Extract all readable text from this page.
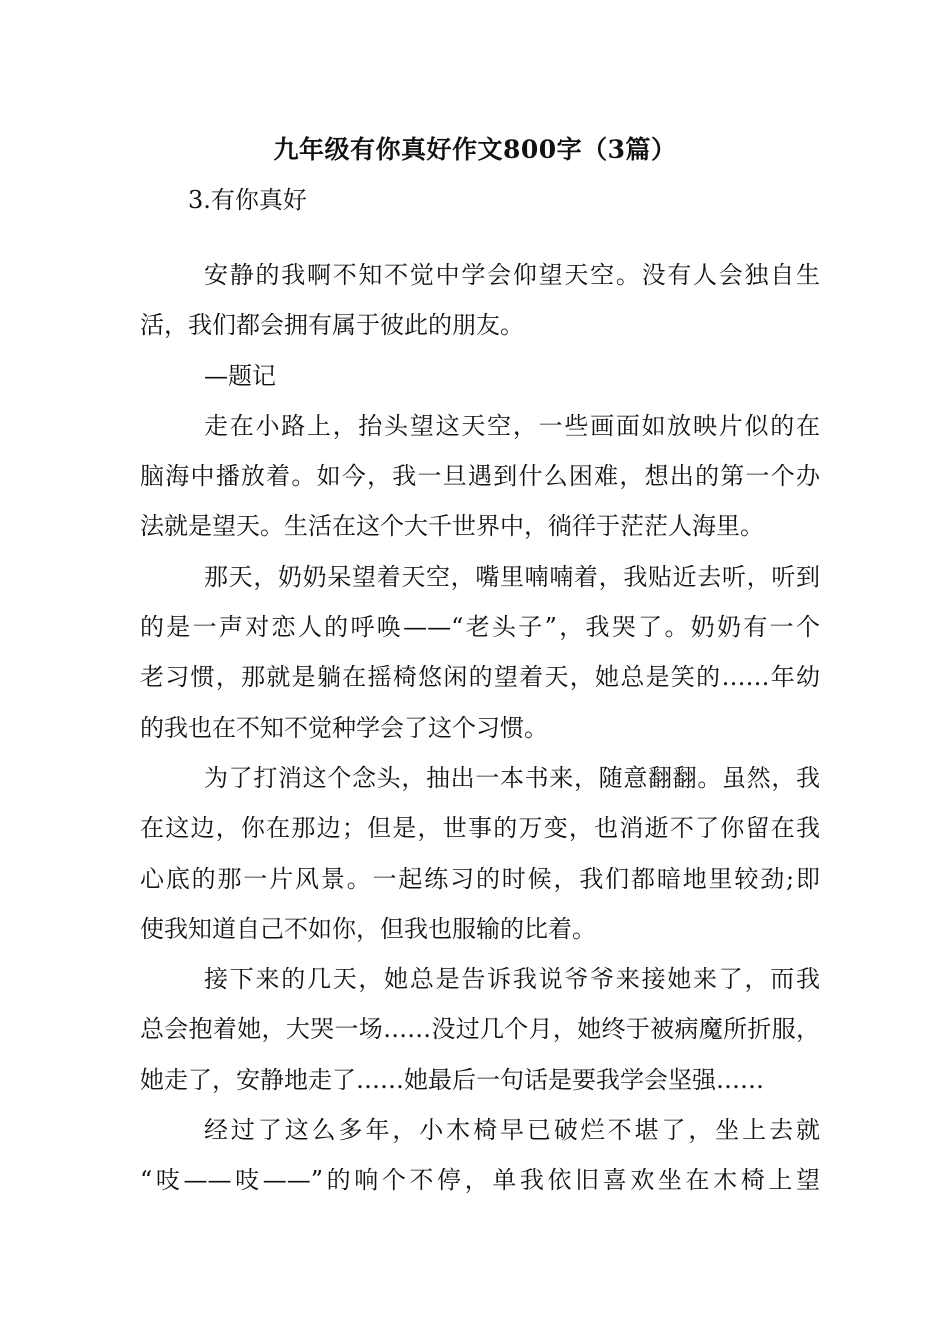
九年级有你真好作文800字（3篇）
3.有你真好
安静的我啊不知不觉中学会仰望天空。没有人会独自生
活，我们都会拥有属于彼此的朋友。
—题记
走在小路上，抬头望这天空，一些画面如放映片似的在
脑海中播放着。如今，我一旦遇到什么困难，想出的第一个办
法就是望天。生活在这个大千世界中，徜徉于茫茫人海里。
那天，奶奶呆望着天空，嘴里喃喃着，我贴近去听，听到
的是一声对恋人的呼唤——“老头子”，我哭了。奶奶有一个
老习惯，那就是躺在摇椅悠闲的望着天，她总是笑的……年幼
的我也在不知不觉种学会了这个习惯。
为了打消这个念头，抽出一本书来，随意翻翻。虽然，我
在这边，你在那边；但是，世事的万变，也消逝不了你留在我
心底的那一片风景。一起练习的时候，我们都暗地里较劲;即
使我知道自己不如你，但我也服输的比着。
接下来的几天，她总是告诉我说爷爷来接她来了，而我
总会抱着她，大哭一场……没过几个月，她终于被病魔所折服，
她走了，安静地走了……她最后一句话是要我学会坚强……
经过了这么多年，小木椅早已破烂不堪了，坐上去就
“吱——吱——”的响个不停，单我依旧喜欢坐在木椅上望
